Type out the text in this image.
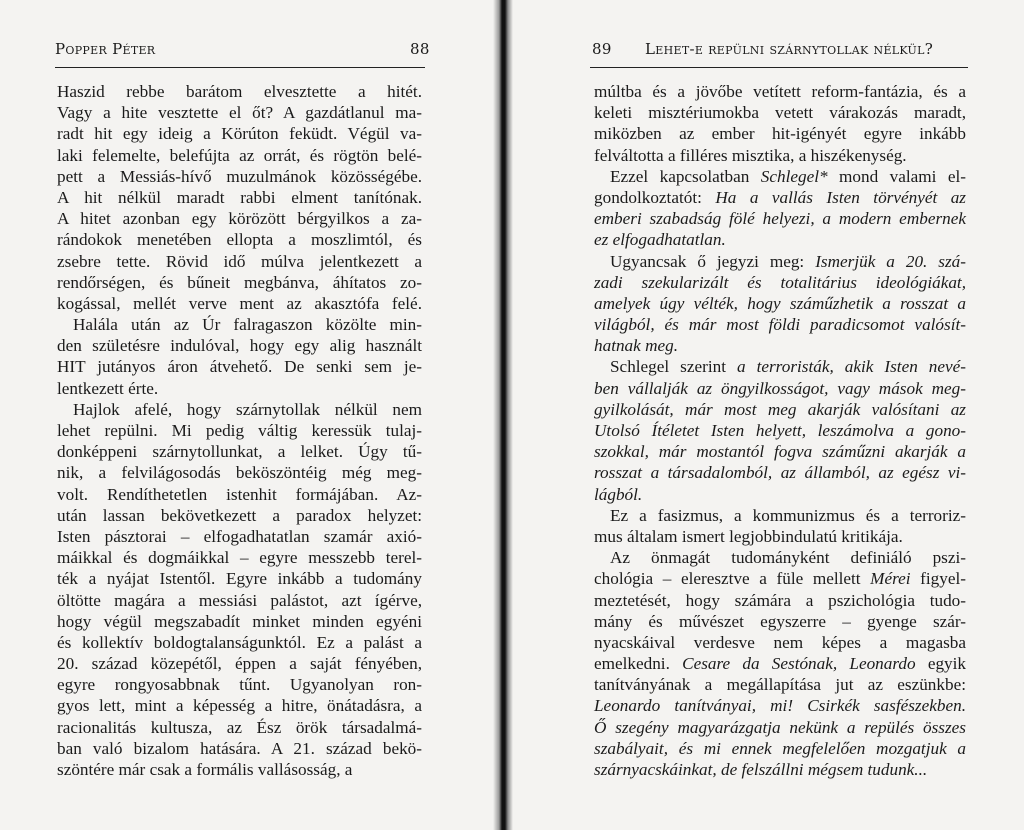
Popper Péter	88
Haszid rebbe barátom elvesztette a hitét.
Vagy a hite vesztette el őt? A gazdátlanul ma-
radt hit egy ideig a Körúton feküdt. Végül va-
laki felemelte, belefújta az orrát, és rögtön belé-
pett a Messiás-hívő muzulmánok közösségébe.
A hit nélkül maradt rabbi elment tanítónak.
A hitet azonban egy körözött bérgyilkos a za-
rándokok menetében ellopta a moszlimtól, és
zsebre tette. Rövid idő múlva jelentkezett a
rendőrségen, és bűneit megbánva, áhítatos zo-
kogással, mellét verve ment az akasztófa felé.
Halála után az Úr falragaszon közölte min-
den születésre indulóval, hogy egy alig használt
HIT jutányos áron átvehető. De senki sem je-
lentkezett érte.
Hajlok afelé, hogy szárnytollak nélkül nem
lehet repülni. Mi pedig váltig keressük tulaj-
donképpeni szárnytollunkat, a lelket. Úgy tű-
nik, a felvilágosodás beköszöntéig még meg-
volt. Rendíthetetlen istenhit formájában. Az-
után lassan bekövetkezett a paradox helyzet:
Isten pásztorai – elfogadhatatlan szamár axió-
máikkal és dogmáikkal – egyre messzebb terel-
ték a nyájat Istentől. Egyre inkább a tudomány
öltötte magára a messiási palástot, azt ígérve,
hogy végül megszabadít minket minden egyéni
és kollektív boldogtalanságunktól. Ez a palást a
20. század közepétől, éppen a saját fényében,
egyre rongyosabbnak tűnt. Ugyanolyan ron-
gyos lett, mint a képesség a hitre, önátadásra, a
racionalitás kultusza, az Ész örök társadalmá-
ban való bizalom hatására. A 21. század bekö-
szöntére már csak a formális vallásosság, a
89 Lehet-e repülni szárnytollak nélkül?
múltba és a jövőbe vetített reform-fantázia, és a
keleti misztériumokba vetett várakozás maradt,
miközben az ember hit-igényét egyre inkább
felváltotta a filléres misztika, a hiszékenység.
Ezzel kapcsolatban Schlegel* mond valami el-
gondolkoztatót: Ha a vallás Isten törvényét az
emberi szabadság fölé helyezi, a modern embernek
ez elfogadhatatlan.
Ugyancsak ő jegyzi meg: Ismerjük a 20. szá-
zadi szekularizált és totalitárius ideológiákat,
amelyek úgy vélték, hogy száműzhetik a rosszat a
világból, és már most földi paradicsomot valósít-
hatnak meg.
Schlegel szerint a terroristák, akik Isten nevé-
ben vállalják az öngyilkosságot, vagy mások meg-
gyilkolását, már most meg akarják valósítani az
Utolsó Ítéletet Isten helyett, leszámolva a gono-
szokkal, már mostantól fogva száműzni akarják a
rosszat a társadalomból, az államból, az egész vi-
lágból.
Ez a fasizmus, a kommunizmus és a terroriz-
mus általam ismert legjobbindulatú kritikája.
Az önmagát tudományként definiáló pszi-
chológia – eleresztve a füle mellett Mérei figyel-
meztetését, hogy számára a pszichológia tudo-
mány és művészet egyszerre – gyenge szár-
nyacskáival verdesve nem képes a magasba
emelkedni. Cesare da Sestónak, Leonardo egyik
tanítványának a megállapítása jut az eszünkbe:
Leonardo tanítványai, mi! Csirkék sasfészekben.
Ő szegény magyarázgatja nekünk a repülés összes
szabályait, és mi ennek megfelelően mozgatjuk a
szárnyacskáinkat, de felszállni mégsem tudunk...
